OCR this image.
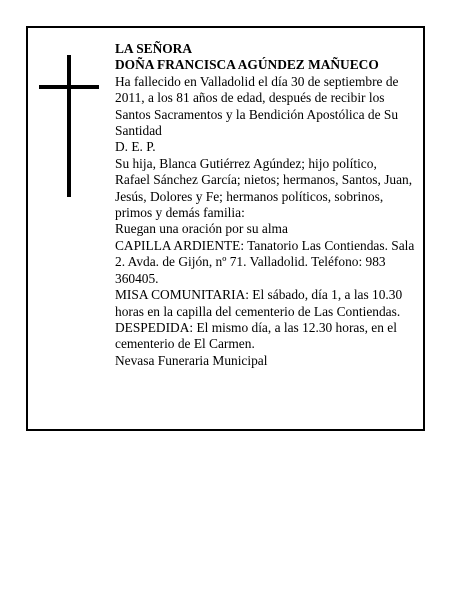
LA SEÑORA
DOÑA FRANCISCA AGÚNDEZ MAÑUECO
Ha fallecido en Valladolid el día 30 de septiembre de 2011, a los 81 años de edad, después de recibir los Santos Sacramentos y la Bendición Apostólica de Su Santidad
D. E. P.
Su hija, Blanca Gutiérrez Agúndez; hijo político, Rafael Sánchez García; nietos; hermanos, Santos, Juan, Jesús, Dolores y Fe; hermanos políticos, sobrinos, primos y demás familia:
Ruegan una oración por su alma
CAPILLA ARDIENTE: Tanatorio Las Contiendas. Sala 2. Avda. de Gijón, nº 71. Valladolid. Teléfono: 983 360405.
MISA COMUNITARIA: El sábado, día 1, a las 10.30 horas en la capilla del cementerio de Las Contiendas.
DESPEDIDA: El mismo día, a las 12.30 horas, en el cementerio de El Carmen.
Nevasa Funeraria Municipal
